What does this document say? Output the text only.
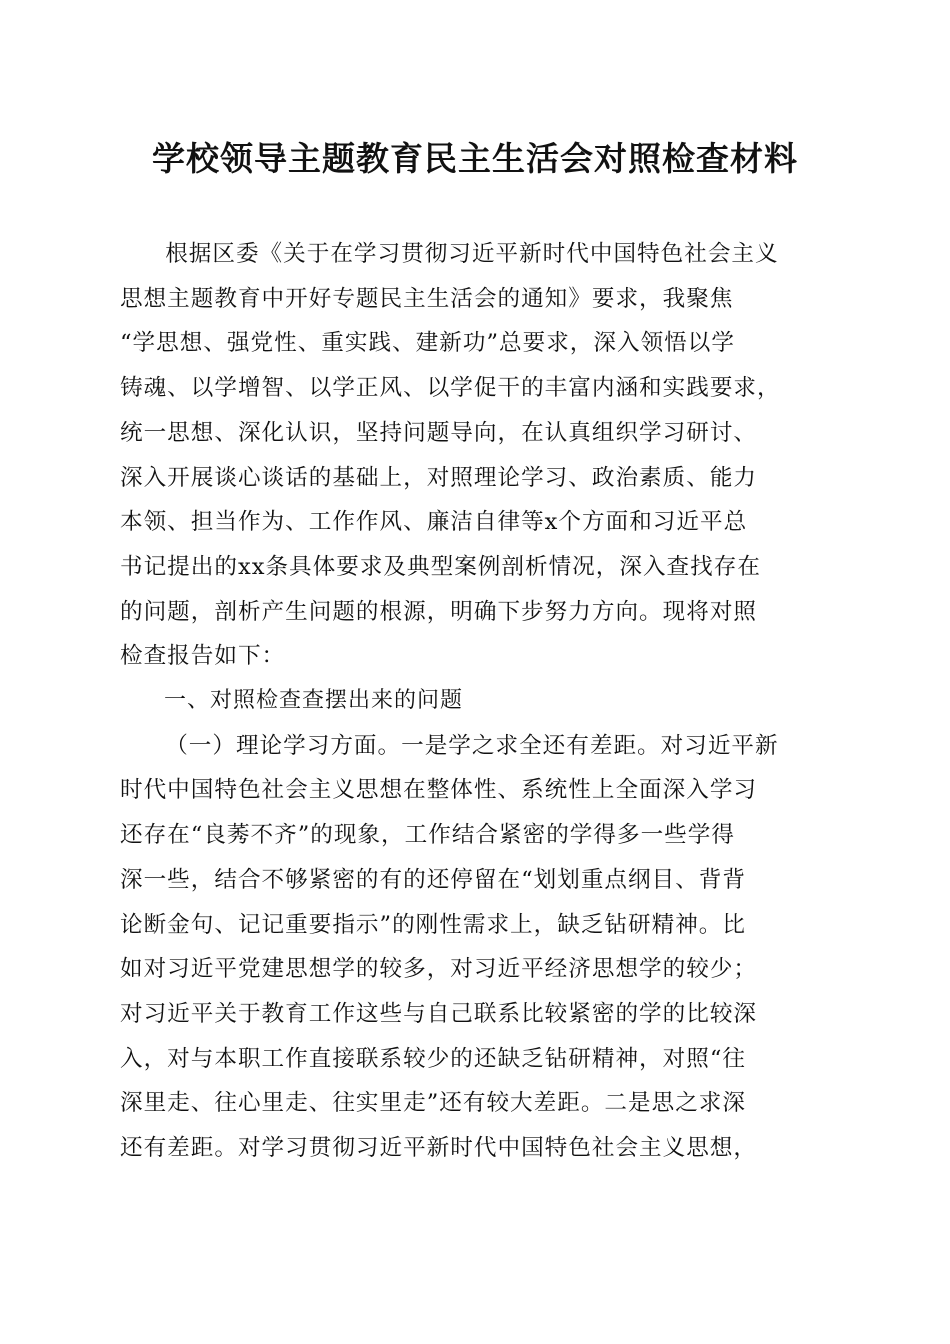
学校领导主题教育民主生活会对照检查材料

根据区委《关于在学习贯彻习近平新时代中国特色社会主义
思想主题教育中开好专题民主生活会的通知》要求，我聚焦
“学思想、强党性、重实践、建新功”总要求，深入领悟以学
铸魂、以学增智、以学正风、以学促干的丰富内涵和实践要求，
统一思想、深化认识，坚持问题导向，在认真组织学习研讨、
深入开展谈心谈话的基础上，对照理论学习、政治素质、能力
本领、担当作为、工作作风、廉洁自律等x个方面和习近平总
书记提出的xx条具体要求及典型案例剖析情况，深入查找存在
的问题，剖析产生问题的根源，明确下步努力方向。现将对照
检查报告如下：

一、对照检查查摆出来的问题

（一）理论学习方面。一是学之求全还有差距。对习近平新
时代中国特色社会主义思想在整体性、系统性上全面深入学习
还存在“良莠不齐”的现象，工作结合紧密的学得多一些学得
深一些，结合不够紧密的有的还停留在“划划重点纲目、背背
论断金句、记记重要指示”的刚性需求上，缺乏钻研精神。比
如对习近平党建思想学的较多，对习近平经济思想学的较少；
对习近平关于教育工作这些与自己联系比较紧密的学的比较深
入，对与本职工作直接联系较少的还缺乏钻研精神，对照“往
深里走、往心里走、往实里走”还有较大差距。二是思之求深
还有差距。对学习贯彻习近平新时代中国特色社会主义思想，
